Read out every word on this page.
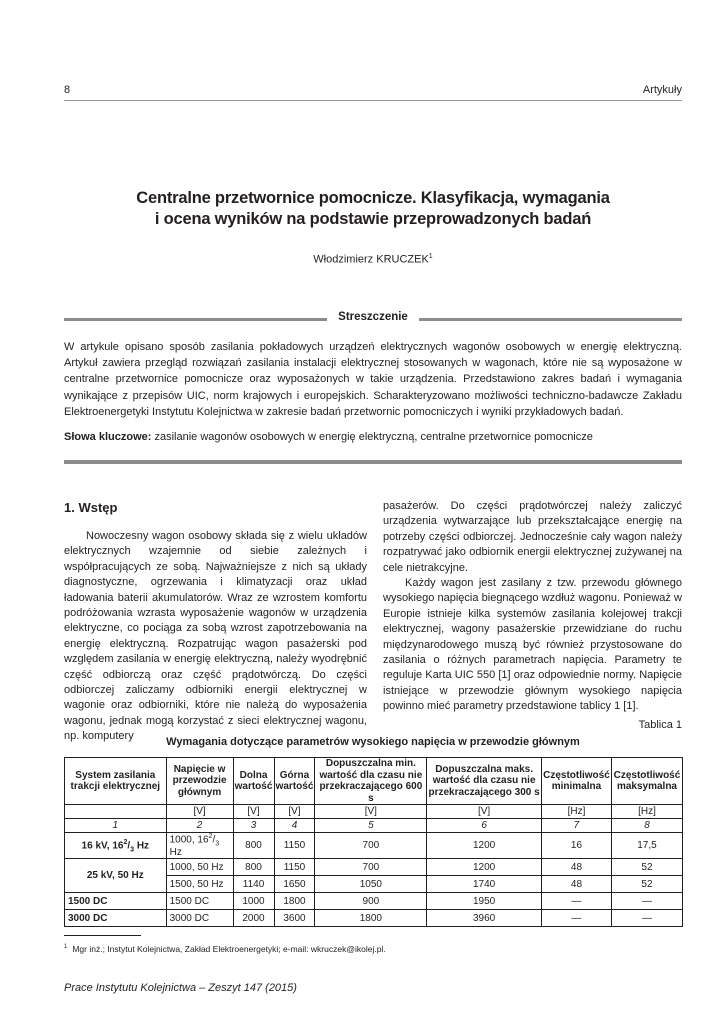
8	Artykuły
Centralne przetwornice pomocnicze. Klasyfikacja, wymagania
i ocena wyników na podstawie przeprowadzonych badań
Włodzimierz KRUCZEK$^1$
Streszczenie
W artykule opisano sposób zasilania pokładowych urządzeń elektrycznych wagonów osobowych w energię elektryczną. Artykuł zawiera przegląd rozwiązań zasilania instalacji elektrycznej stosowanych w wagonach, które nie są wyposażone w centralne przetwornice pomocnicze oraz wyposażonych w takie urządzenia. Przedstawiono zakres badań i wymagania wynikające z przepisów UIC, norm krajowych i europejskich. Scharakteryzowano możliwości techniczno-badawcze Zakładu Elektroenergetyki Instytutu Kolejnictwa w zakresie badań przetwornic pomocniczych i wyniki przykładowych badań.
Słowa kluczowe: zasilanie wagonów osobowych w energię elektryczną, centralne przetwornice pomocnicze
1. Wstęp

Nowoczesny wagon osobowy składa się z wielu układów elektrycznych wzajemnie od siebie zależnych i współpracujących ze sobą. Najważniejsze z nich są układy diagnostyczne, ogrzewania i klimatyzacji oraz układ ładowania baterii akumulatorów. Wraz ze wzrostem komfortu podróżowania wzrasta wyposażenie wagonów w urządzenia elektryczne, co pociąga za sobą wzrost zapotrzebowania na energię elektryczną. Rozpatrując wagon pasażerski pod względem zasilania w energię elektryczną, należy wyodrębnić część odbiorczą oraz część prądotwórczą. Do części odbiorczej zaliczamy odbiorniki energii elektrycznej w wagonie oraz odbiorniki, które nie należą do wyposażenia wagonu, jednak mogą korzystać z sieci elektrycznej wagonu, np. komputery

pasażerów. Do części prądotwórczej należy zaliczyć urządzenia wytwarzające lub przekształcające energię na potrzeby części odbiorczej. Jednocześnie cały wagon należy rozpatrywać jako odbiornik energii elektrycznej zużywanej na cele nietrakcyjne.

Każdy wagon jest zasilany z tzw. przewodu głównego wysokiego napięcia biegnącego wzdłuż wagonu. Ponieważ w Europie istnieje kilka systemów zasilania kolejowej trakcji elektrycznej, wagony pasażerskie przewidziane do ruchu międzynarodowego muszą być również przystosowane do zasilania o różnych parametrach napięcia. Parametry te reguluje Karta UIC 550 [1] oraz odpowiednie normy. Napięcie istniejące w przewodzie głównym wysokiego napięcia powinno mieć parametry przedstawione tablicy 1 [1].

Tablica 1
Wymagania dotyczące parametrów wysokiego napięcia w przewodzie głównym
System zasilania trakcji elektrycznej	Napięcie w przewodzie głównym	Dolna wartość	Górna wartość	Dopuszczalna min. wartość dla czasu nie przekraczającego 600 s	Dopuszczalna maks. wartość dla czasu nie przekraczającego 300 s	Częstotliwość minimalna	Częstotliwość maksymalna
	[V]	[V]	[V]	[V]	[V]	[Hz]	[Hz]
1	2	3	4	5	6	7	8
16 kV, $16^2/_3$ Hz	1000, $16^2/_3$ Hz	800	1150	700	1200	16	17,5
25 kV, 50 Hz	1000, 50 Hz	800	1150	700	1200	48	52
	1500, 50 Hz	1140	1650	1050	1740	48	52
1500 DC	1500 DC	1000	1800	900	1950	—	—
3000 DC	3000 DC	2000	3600	1800	3960	—	—
$^1$ Mgr inż.; Instytut Kolejnictwa, Zakład Elektroenergetyki; e-mail: wkruczek@ikolej.pl.
Prace Instytutu Kolejnictwa – Zeszyt 147 (2015)
